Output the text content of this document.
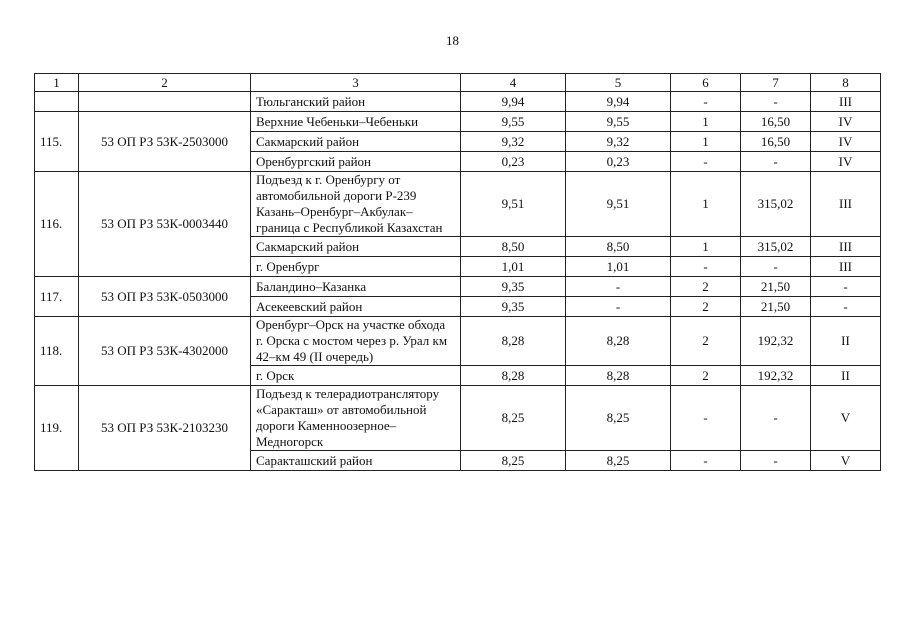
18
1	2	3	4	5	6	7	8
		Тюльганский район	9,94	9,94	-	-	III
115.	53 ОП РЗ 53К-2503000	Верхние Чебеньки–Чебеньки	9,55	9,55	1	16,50	IV
		Сакмарский район	9,32	9,32	1	16,50	IV
		Оренбургский район	0,23	0,23	-	-	IV
116.	53 ОП РЗ 53К-0003440	Подъезд к г. Оренбургу от автомобильной дороги Р-239 Казань–Оренбург–Акбулак–граница с Республикой Казахстан	9,51	9,51	1	315,02	III
		Сакмарский район	8,50	8,50	1	315,02	III
		г. Оренбург	1,01	1,01	-	-	III
117.	53 ОП РЗ 53К-0503000	Баландино–Казанка	9,35	-	2	21,50	-
		Асекеевский район	9,35	-	2	21,50	-
118.	53 ОП РЗ 53К-4302000	Оренбург–Орск на участке обхода г. Орска с мостом через р. Урал км 42–км 49 (II очередь)	8,28	8,28	2	192,32	II
		г. Орск	8,28	8,28	2	192,32	II
119.	53 ОП РЗ 53К-2103230	Подъезд к телерадиотранслятору «Саракташ» от автомобильной дороги Каменноозерное–Медногорск	8,25	8,25	-	-	V
		Саракташский район	8,25	8,25	-	-	V
